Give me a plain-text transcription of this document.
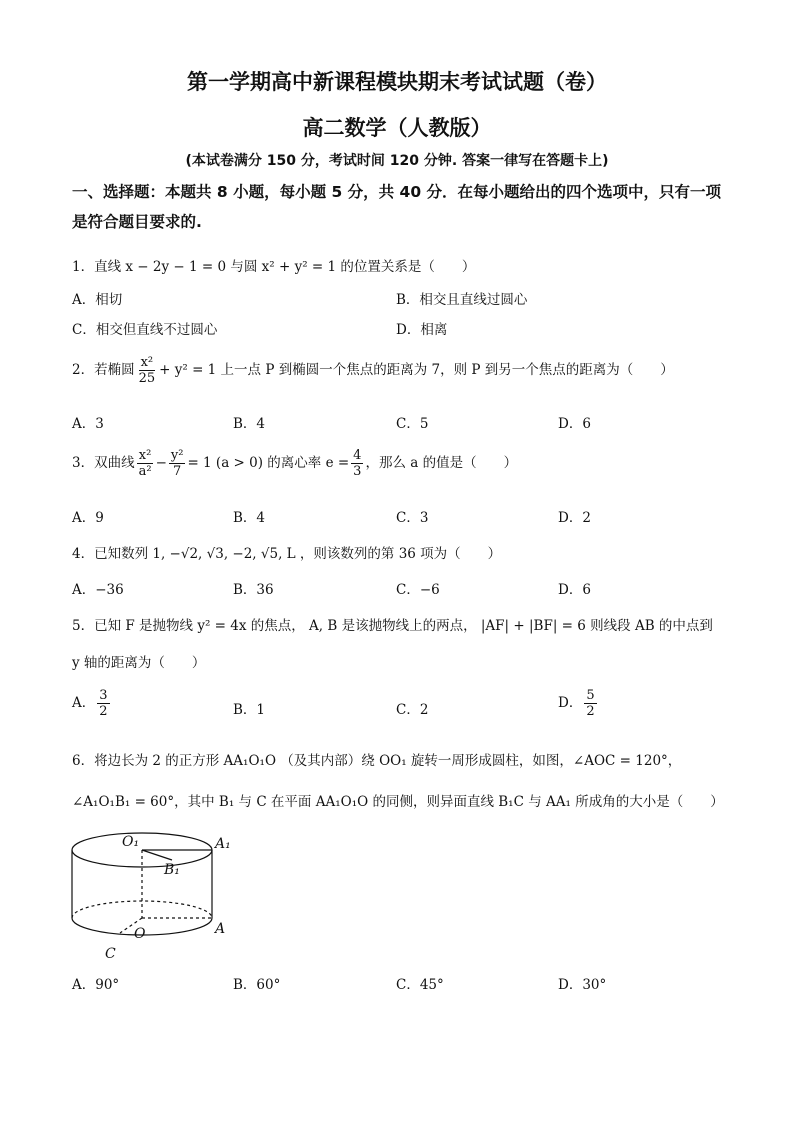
第一学期高中新课程模块期末考试试题（卷）
高二数学（人教版）
(本试卷满分 150 分，考试时间 120 分钟. 答案一律写在答题卡上)
一、选择题：本题共 8 小题，每小题 5 分，共 40 分．在每小题给出的四个选项中，只有一项
是符合题目要求的.
1．直线 x − 2y − 1 = 0 与圆 x² + y² = 1 的位置关系是（　　）
A．相切	B．相交且直线过圆心
C．相交但直线不过圆心	D．相离
2．若椭圆 $\frac{\text{x²}}{25} + y^2 = 1$ 上一点 P 到椭圆一个焦点的距离为 7，则 P 到另一个焦点的距离为（　　）
A．3	B．4	C．5	D．6
3．双曲线 $\frac{\text{x²}}{\text{a²}} - \frac{\text{y²}}{7} = 1$ (a > 0) 的离心率 $e = \frac{4}{3}$ ，那么 a 的值是（　　）
A．9	B．4	C．3	D．2
4．已知数列 1, −√2, √3, −2, √5, L ，则该数列的第 36 项为（　　）
A．−36	B．36	C．−6	D．6
5．已知 F 是抛物线 y² = 4x 的焦点， A, B 是该抛物线上的两点， |AF| + |BF| = 6 则线段 AB 的中点到
y 轴的距离为（　　）
A． $\frac{3}{2}$	B．1	C．2	D． $\frac{5}{2}$
6．将边长为 2 的正方形 AA₁O₁O （及其内部）绕 OO₁ 旋转一周形成圆柱，如图，∠AOC = 120°，
∠A₁O₁B₁ = 60°，其中 B₁ 与 C 在平面 AA₁O₁O 的同侧，则异面直线 B₁C 与 AA₁ 所成角的大小是（　　）
O₁	A₁
B₁
O	A
C
A．90°	B．60°	C．45°	D．30°
